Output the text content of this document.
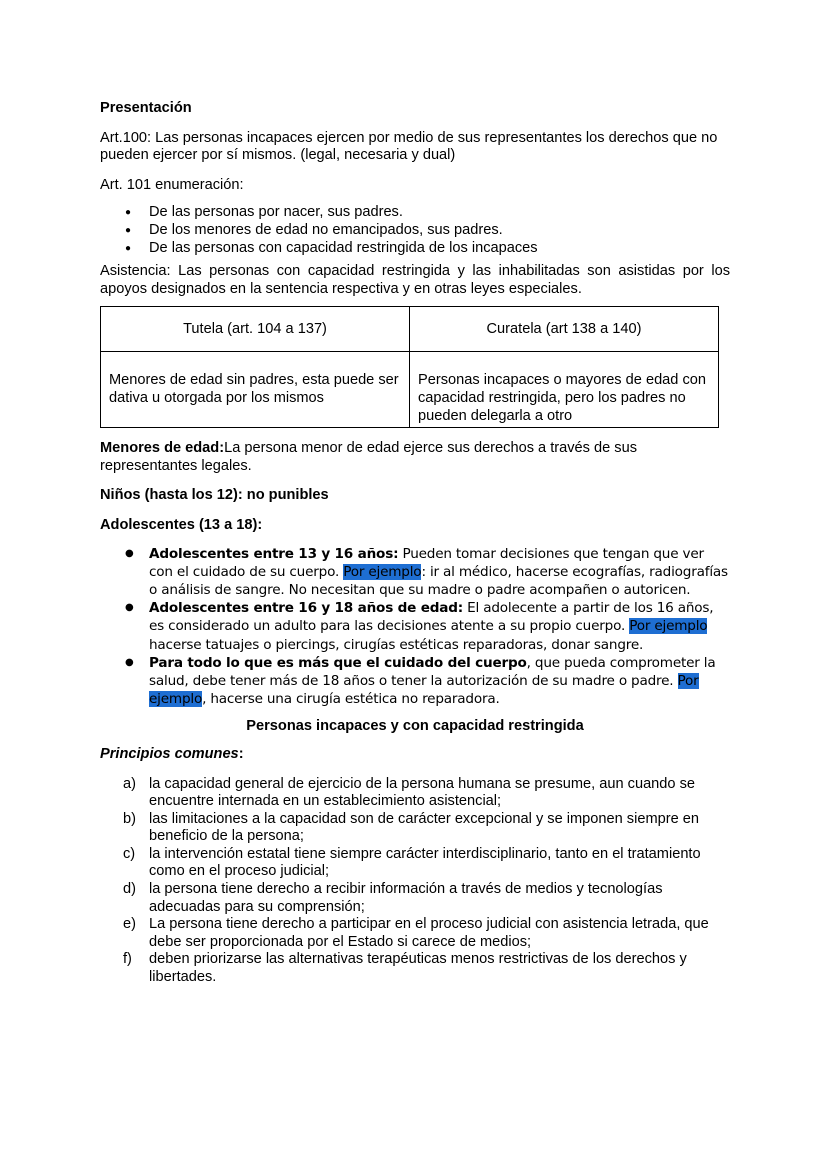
Presentación

Art.100: Las personas incapaces ejercen por medio de sus representantes los derechos que no pueden ejercer por sí mismos. (legal, necesaria y dual)

Art. 101 enumeración:

● De las personas por nacer, sus padres.
● De los menores de edad no emancipados, sus padres.
● De las personas con capacidad restringida de los incapaces

Asistencia: Las personas con capacidad restringida y las inhabilitadas son asistidas por los apoyos designados en la sentencia respectiva y en otras leyes especiales.

Tutela (art. 104 a 137)	Curatela (art 138 a 140)
Menores de edad sin padres, esta puede ser dativa u otorgada por los mismos	Personas incapaces o mayores de edad con capacidad restringida, pero los padres no pueden delegarla a otro

Menores de edad:La persona menor de edad ejerce sus derechos a través de sus representantes legales.

Niños (hasta los 12): no punibles

Adolescentes (13 a 18):

● Adolescentes entre 13 y 16 años: Pueden tomar decisiones que tengan que ver con el cuidado de su cuerpo. Por ejemplo: ir al médico, hacerse ecografías, radiografías o análisis de sangre. No necesitan que su madre o padre acompañen o autoricen.
● Adolescentes entre 16 y 18 años de edad: El adolecente a partir de los 16 años, es considerado un adulto para las decisiones atente a su propio cuerpo. Por ejemplo hacerse tatuajes o piercings, cirugías estéticas reparadoras, donar sangre.
● Para todo lo que es más que el cuidado del cuerpo, que pueda comprometer la salud, debe tener más de 18 años o tener la autorización de su madre o padre. Por ejemplo, hacerse una cirugía estética no reparadora.
Personas incapaces y con capacidad restringida
Principios comunes:
a) la capacidad general de ejercicio de la persona humana se presume, aun cuando se encuentre internada en un establecimiento asistencial;
b) las limitaciones a la capacidad son de carácter excepcional y se imponen siempre en beneficio de la persona;
c) la intervención estatal tiene siempre carácter interdisciplinario, tanto en el tratamiento como en el proceso judicial;
d) la persona tiene derecho a recibir información a través de medios y tecnologías adecuadas para su comprensión;
e) La persona tiene derecho a participar en el proceso judicial con asistencia letrada, que debe ser proporcionada por el Estado si carece de medios;
f) deben priorizarse las alternativas terapéuticas menos restrictivas de los derechos y libertades.
